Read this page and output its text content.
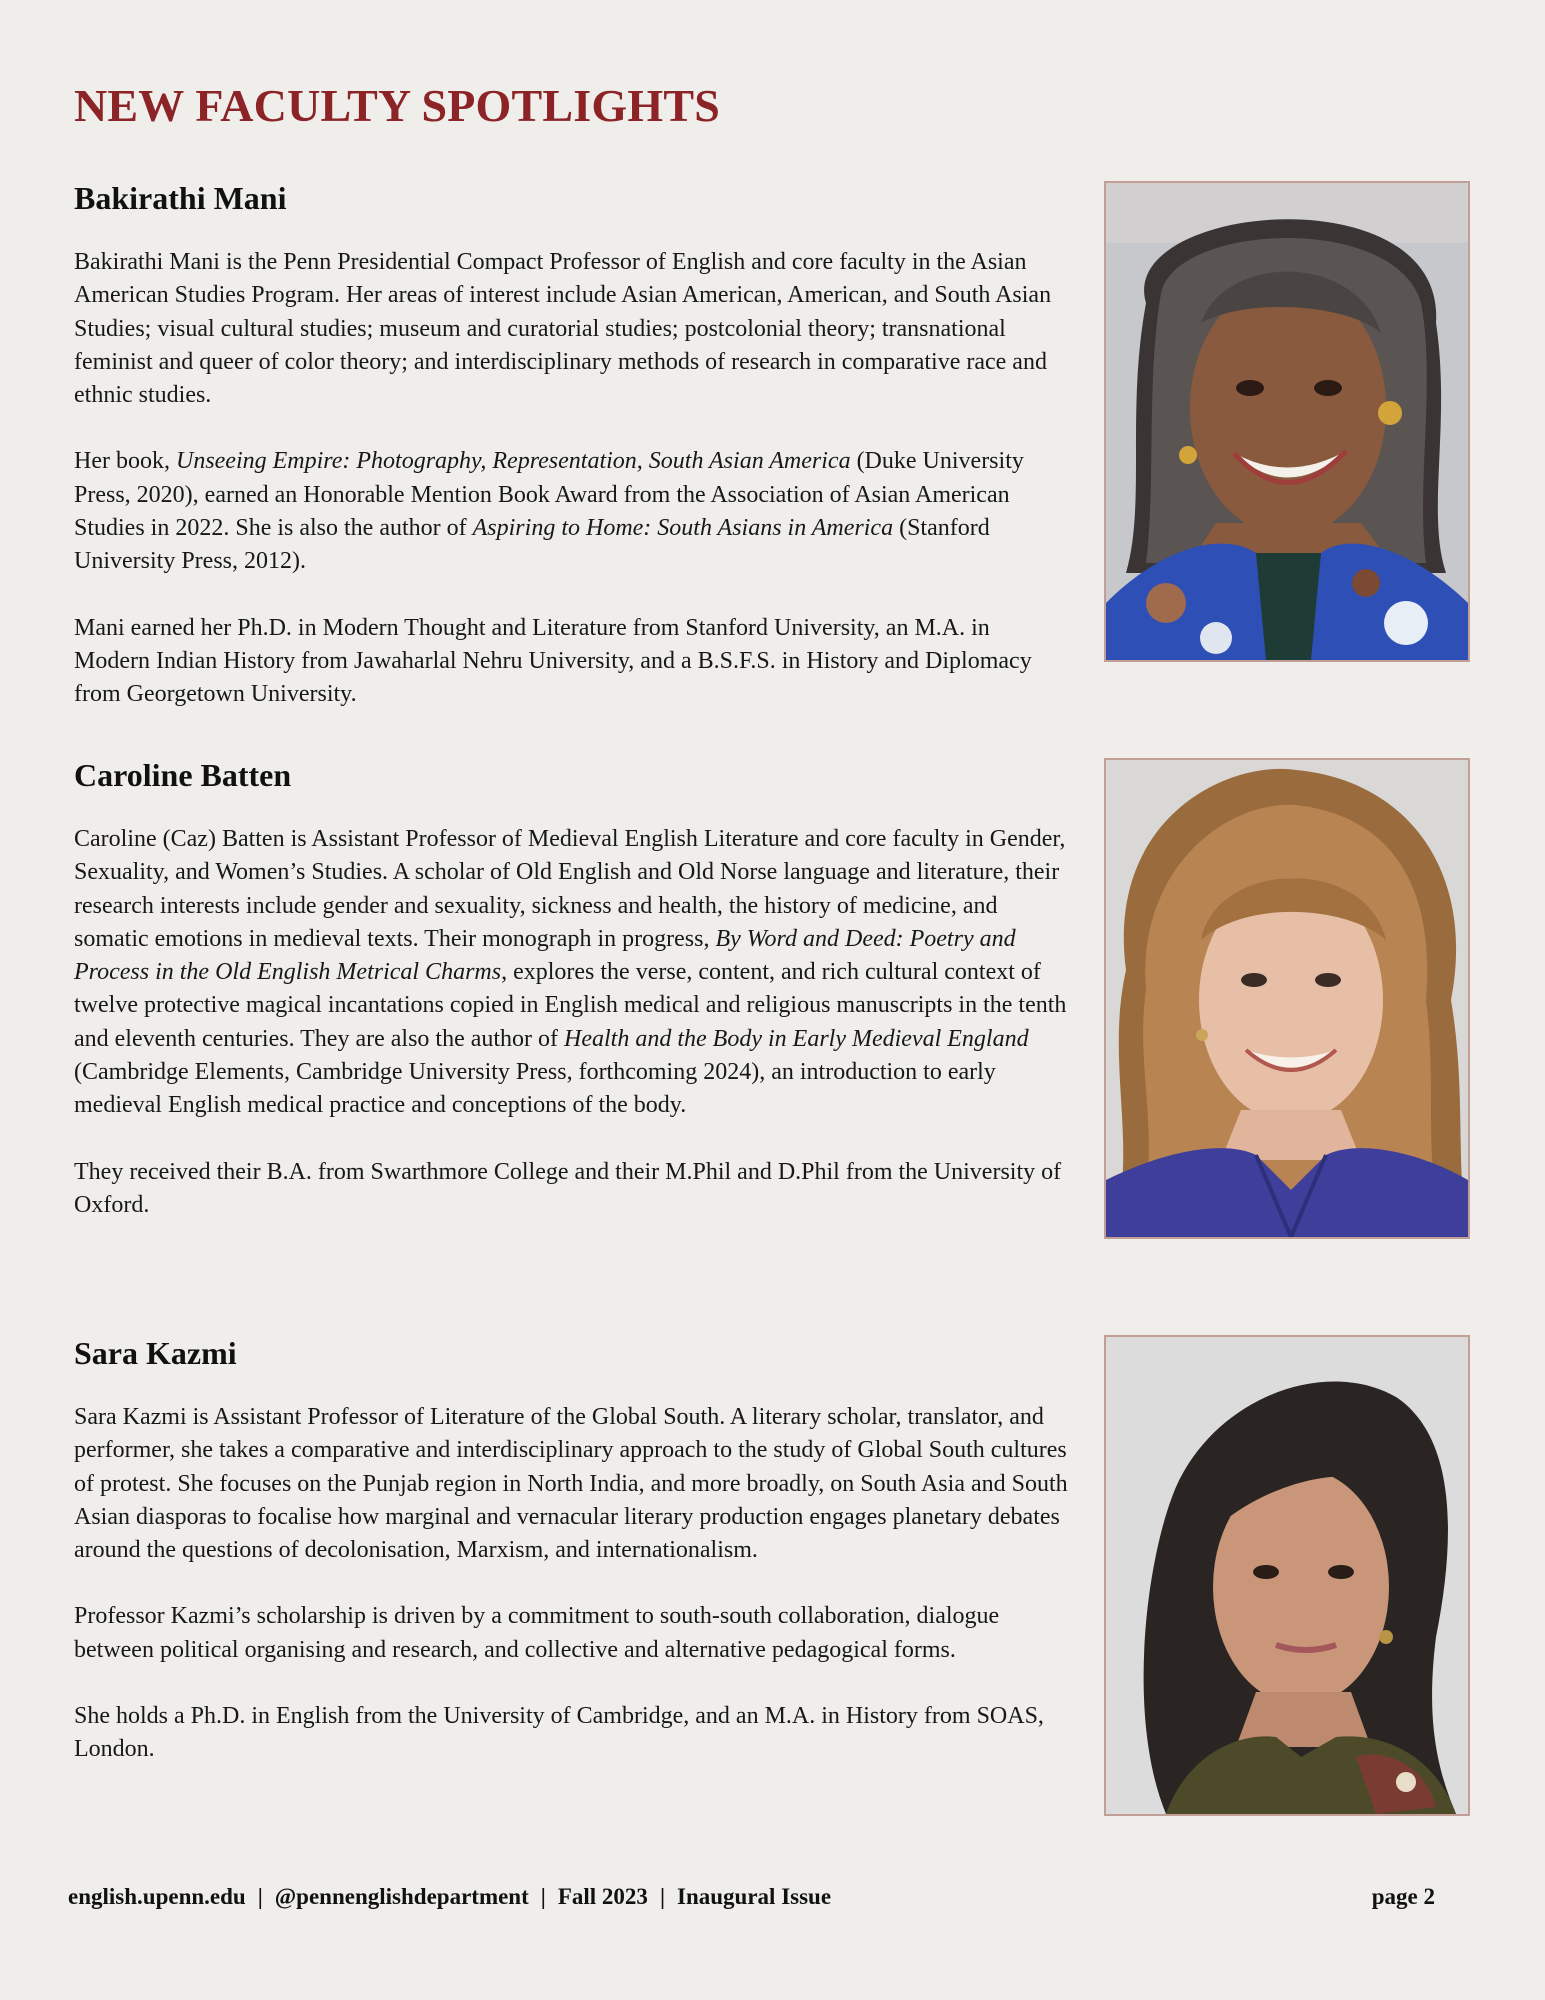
NEW FACULTY SPOTLIGHTS
Bakirathi Mani

Bakirathi Mani is the Penn Presidential Compact Professor of English and core faculty in the Asian American Studies Program. Her areas of interest include Asian American, American, and South Asian Studies; visual cultural studies; museum and curatorial studies; postcolonial theory; transnational feminist and queer of color theory; and interdisciplinary methods of research in comparative race and ethnic studies.

Her book, Unseeing Empire: Photography, Representation, South Asian America (Duke University Press, 2020), earned an Honorable Mention Book Award from the Association of Asian American Studies in 2022. She is also the author of Aspiring to Home: South Asians in America (Stanford University Press, 2012).

Mani earned her Ph.D. in Modern Thought and Literature from Stanford University, an M.A. in Modern Indian History from Jawaharlal Nehru University, and a B.S.F.S. in History and Diplomacy from Georgetown University.

Caroline Batten

Caroline (Caz) Batten is Assistant Professor of Medieval English Literature and core faculty in Gender, Sexuality, and Women’s Studies. A scholar of Old English and Old Norse language and literature, their research interests include gender and sexuality, sickness and health, the history of medicine, and somatic emotions in medieval texts. Their monograph in progress, By Word and Deed: Poetry and Process in the Old English Metrical Charms, explores the verse, content, and rich cultural context of twelve protective magical incantations copied in English medical and religious manuscripts in the tenth and eleventh centuries. They are also the author of Health and the Body in Early Medieval England (Cambridge Elements, Cambridge University Press, forthcoming 2024), an introduction to early medieval English medical practice and conceptions of the body.

They received their B.A. from Swarthmore College and their M.Phil and D.Phil from the University of Oxford.

Sara Kazmi

Sara Kazmi is Assistant Professor of Literature of the Global South. A literary scholar, translator, and performer, she takes a comparative and interdisciplinary approach to the study of Global South cultures of protest. She focuses on the Punjab region in North India, and more broadly, on South Asia and South Asian diasporas to focalise how marginal and vernacular literary production engages planetary debates around the questions of decolonisation, Marxism, and internationalism.

Professor Kazmi’s scholarship is driven by a commitment to south-south collaboration, dialogue between political organising and research, and collective and alternative pedagogical forms.

She holds a Ph.D. in English from the University of Cambridge, and an M.A. in History from SOAS, London.

english.upenn.edu | @pennenglishdepartment | Fall 2023 | Inaugural Issue	page 2
